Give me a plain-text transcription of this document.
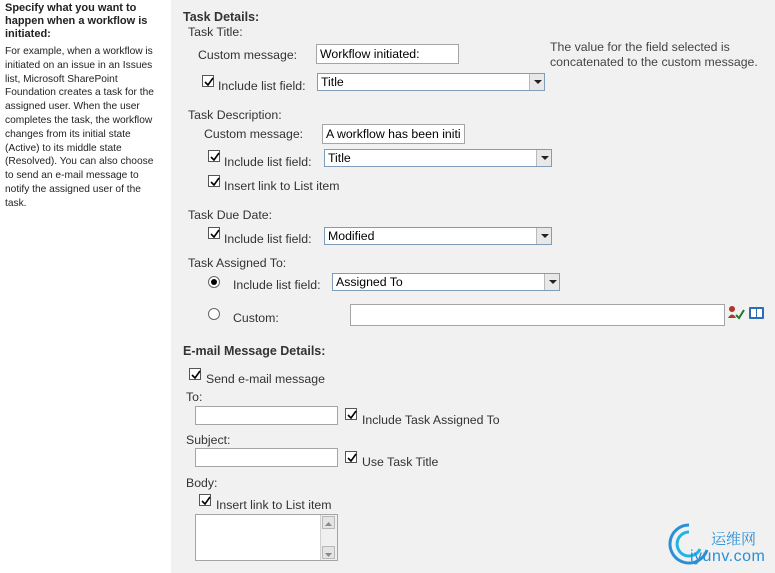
Specify what you want to happen when a workflow is initiated:
For example, when a workflow is initiated on an issue in an Issues list, Microsoft SharePoint Foundation creates a task for the assigned user. When the user completes the task, the workflow changes from its initial state (Active) to its middle state (Resolved). You can also choose to send an e-mail message to notify the assigned user of the task.
Task Details:
Task Title:
Custom message:	Workflow initiated:
Include list field:	Title
The value for the field selected is
concatenated to the custom message.
Task Description:
Custom message:	A workflow has been initi
Include list field:	Title
Insert link to List item
Task Due Date:
Include list field:	Modified
Task Assigned To:
Include list field:	Assigned To
Custom:
E-mail Message Details:
Send e-mail message
To:
Include Task Assigned To
Subject:
Use Task Title
Body:
Insert link to List item
运维网
iyunv.com
